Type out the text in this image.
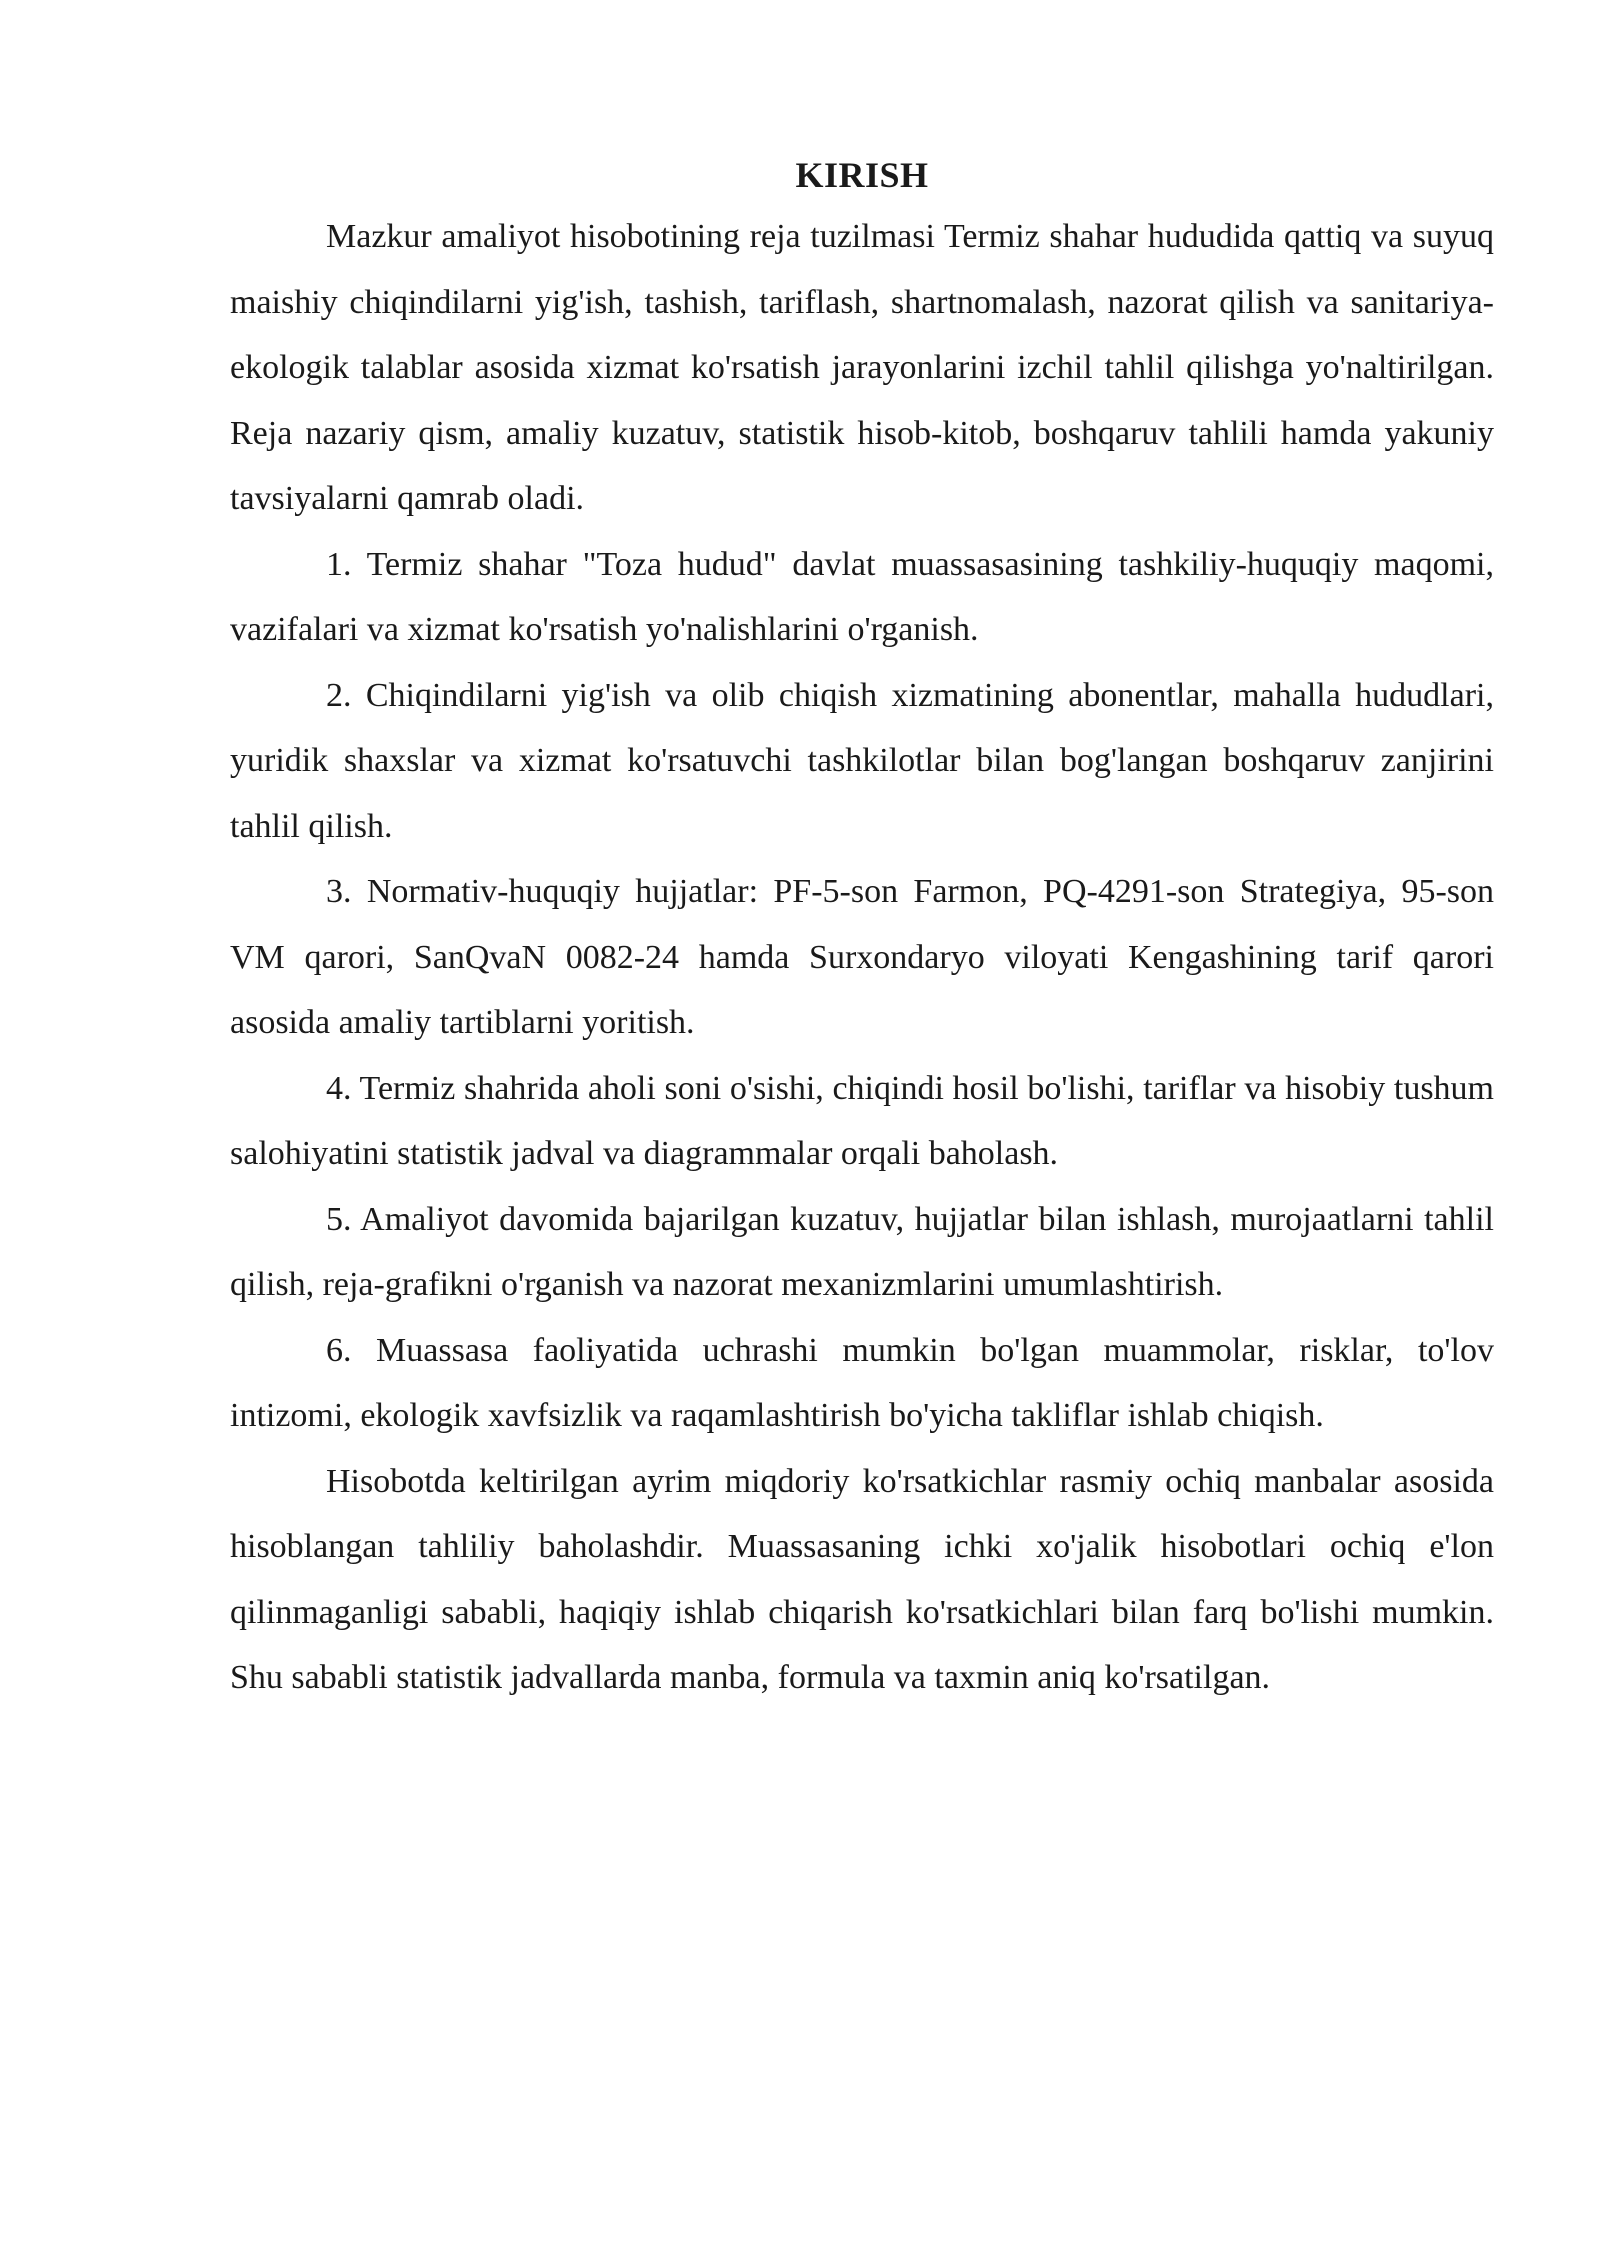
KIRISH

Mazkur amaliyot hisobotining reja tuzilmasi Termiz shahar hududida qattiq va suyuq maishiy chiqindilarni yig'ish, tashish, tariflash, shartnomalash, nazorat qilish va sanitariya-ekologik talablar asosida xizmat ko'rsatish jarayonlarini izchil tahlil qilishga yo'naltirilgan. Reja nazariy qism, amaliy kuzatuv, statistik hisob-kitob, boshqaruv tahlili hamda yakuniy tavsiyalarni qamrab oladi.

1. Termiz shahar "Toza hudud" davlat muassasasining tashkiliy-huquqiy maqomi, vazifalari va xizmat ko'rsatish yo'nalishlarini o'rganish.

2. Chiqindilarni yig'ish va olib chiqish xizmatining abonentlar, mahalla hududlari, yuridik shaxslar va xizmat ko'rsatuvchi tashkilotlar bilan bog'langan boshqaruv zanjirini tahlil qilish.

3. Normativ-huquqiy hujjatlar: PF-5-son Farmon, PQ-4291-son Strategiya, 95-son VM qarori, SanQvaN 0082-24 hamda Surxondaryo viloyati Kengashining tarif qarori asosida amaliy tartiblarni yoritish.

4. Termiz shahrida aholi soni o'sishi, chiqindi hosil bo'lishi, tariflar va hisobiy tushum salohiyatini statistik jadval va diagrammalar orqali baholash.

5. Amaliyot davomida bajarilgan kuzatuv, hujjatlar bilan ishlash, murojaatlarni tahlil qilish, reja-grafikni o'rganish va nazorat mexanizmlarini umumlashtirish.

6. Muassasa faoliyatida uchrashi mumkin bo'lgan muammolar, risklar, to'lov intizomi, ekologik xavfsizlik va raqamlashtirish bo'yicha takliflar ishlab chiqish.

Hisobotda keltirilgan ayrim miqdoriy ko'rsatkichlar rasmiy ochiq manbalar asosida hisoblangan tahliliy baholashdir. Muassasaning ichki xo'jalik hisobotlari ochiq e'lon qilinmaganligi sababli, haqiqiy ishlab chiqarish ko'rsatkichlari bilan farq bo'lishi mumkin. Shu sababli statistik jadvallarda manba, formula va taxmin aniq ko'rsatilgan.
